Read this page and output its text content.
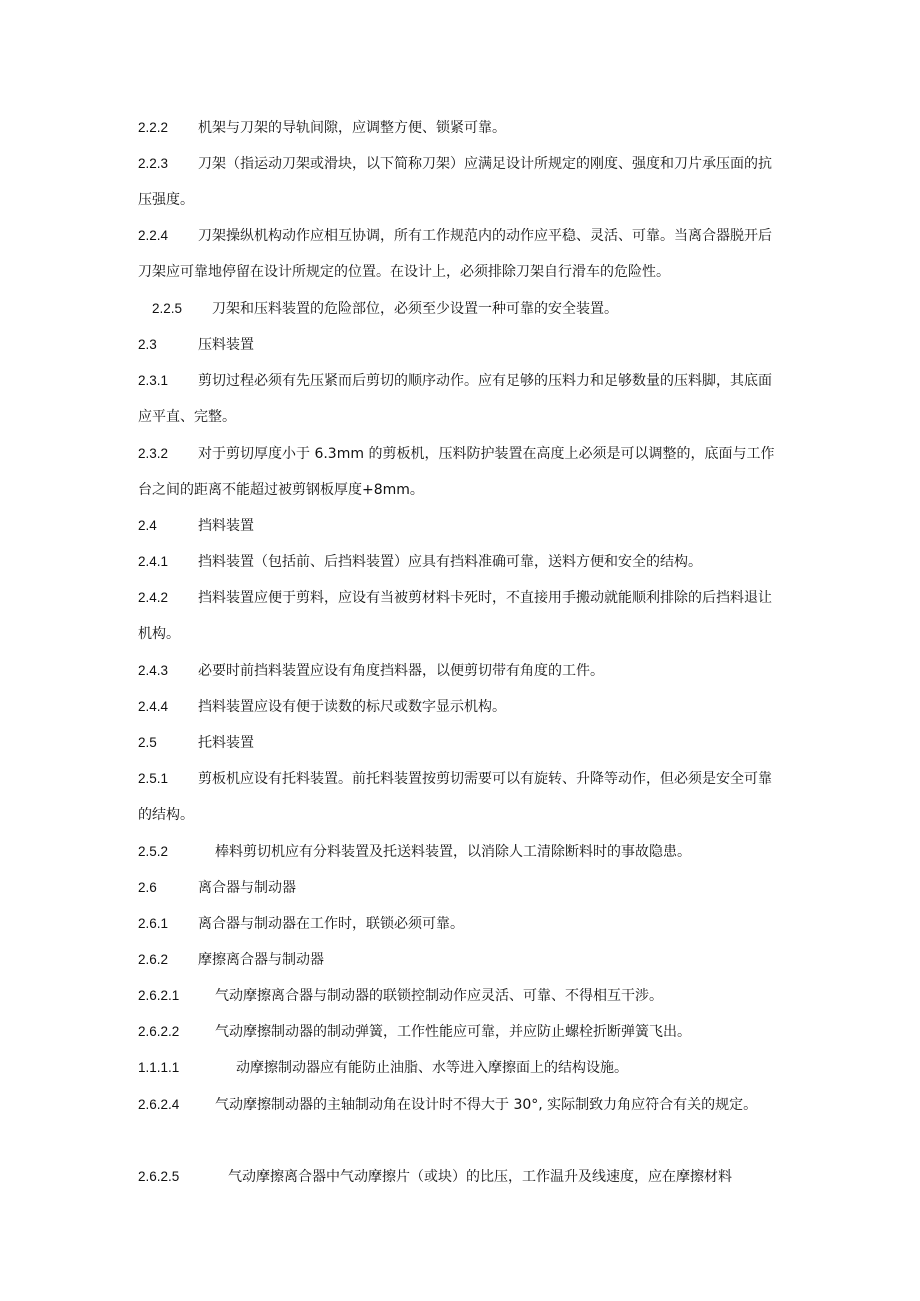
2.2.2 机架与刀架的导轨间隙，应调整方便、锁紧可靠。
2.2.3 刀架（指运动刀架或滑块，以下简称刀架）应满足设计所规定的刚度、强度和刀片承压面的抗压强度。
2.2.4 刀架操纵机构动作应相互协调，所有工作规范内的动作应平稳、灵活、可靠。当离合器脱开后刀架应可靠地停留在设计所规定的位置。在设计上，必须排除刀架自行滑车的危险性。
2.2.5 刀架和压料装置的危险部位，必须至少设置一种可靠的安全装置。
2.3	压料装置
2.3.1 剪切过程必须有先压紧而后剪切的顺序动作。应有足够的压料力和足够数量的压料脚，其底面应平直、完整。
2.3.2 对于剪切厚度小于 6.3mm 的剪板机，压料防护装置在高度上必须是可以调整的，底面与工作台之间的距离不能超过被剪钢板厚度+8mm。
2.4	挡料装置
2.4.1 挡料装置（包括前、后挡料装置）应具有挡料准确可靠，送料方便和安全的结构。
2.4.2 挡料装置应便于剪料，应设有当被剪材料卡死时，不直接用手搬动就能顺利排除的后挡料退让机构。
2.4.3 必要时前挡料装置应设有角度挡料器，以便剪切带有角度的工件。
2.4.4 挡料装置应设有便于读数的标尺或数字显示机构。
2.5	托料装置
2.5.1 剪板机应设有托料装置。前托料装置按剪切需要可以有旋转、升降等动作，但必须是安全可靠的结构。
2.5.2	棒料剪切机应有分料装置及托送料装置，以消除人工清除断料时的事故隐患。
2.6	离合器与制动器
2.6.1 离合器与制动器在工作时，联锁必须可靠。
2.6.2 摩擦离合器与制动器
2.6.2.1	气动摩擦离合器与制动器的联锁控制动作应灵活、可靠、不得相互干涉。
2.6.2.2	气动摩擦制动器的制动弹簧，工作性能应可靠，并应防止螺栓折断弹簧飞出。
1.1.1.1	动摩擦制动器应有能防止油脂、水等进入摩擦面上的结构设施。
2.6.2.4	气动摩擦制动器的主轴制动角在设计时不得大于 30°, 实际制致力角应符合有关的规定。
2.6.2.5	气动摩擦离合器中气动摩擦片（或块）的比压，工作温升及线速度，应在摩擦材料
